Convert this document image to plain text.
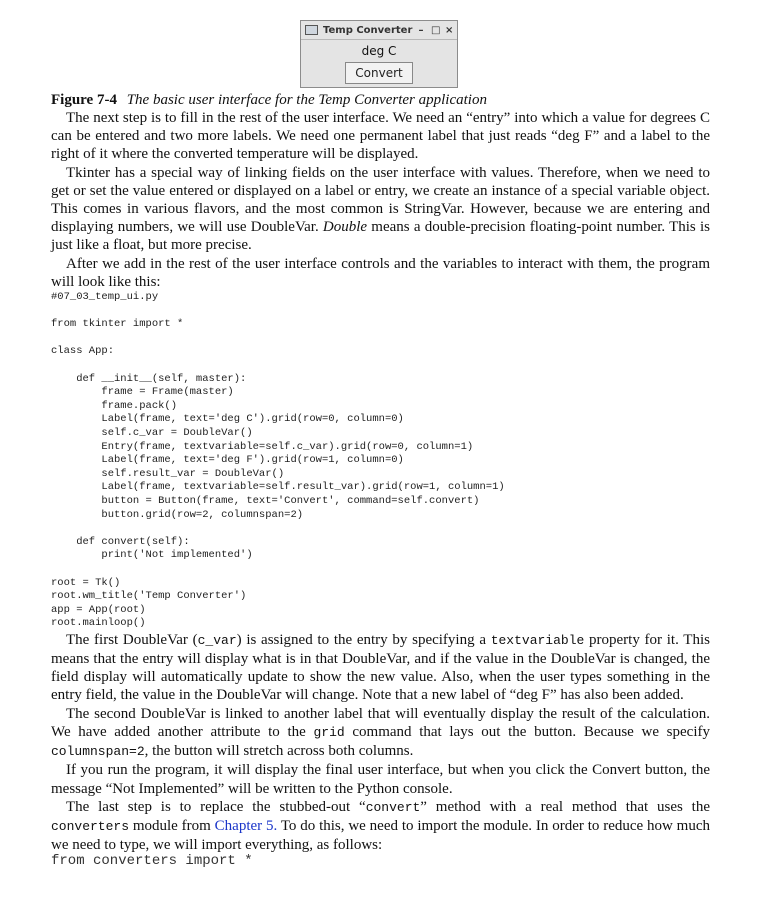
Temp Converter – □ ×
deg C
Convert

Figure 7-4 The basic user interface for the Temp Converter application

The next step is to fill in the rest of the user interface. We need an “entry” into which a value for degrees C can be entered and two more labels. We need one permanent label that just reads “deg F” and a label to the right of it where the converted temperature will be displayed.

Tkinter has a special way of linking fields on the user interface with values. Therefore, when we need to get or set the value entered or displayed on a label or entry, we create an instance of a special variable object. This comes in various flavors, and the most common is StringVar. However, because we are entering and displaying numbers, we will use DoubleVar. Double means a double-precision floating-point number. This is just like a float, but more precise.

After we add in the rest of the user interface controls and the variables to interact with them, the program will look like this:

#07_03_temp_ui.py

from tkinter import *

class App:

def __init__(self, master):
frame = Frame(master)
frame.pack()
Label(frame, text='deg C').grid(row=0, column=0)
self.c_var = DoubleVar()
Entry(frame, textvariable=self.c_var).grid(row=0, column=1)
Label(frame, text='deg F').grid(row=1, column=0)
self.result_var = DoubleVar()
Label(frame, textvariable=self.result_var).grid(row=1, column=1)
button = Button(frame, text='Convert', command=self.convert)
button.grid(row=2, columnspan=2)

def convert(self):
print('Not implemented')

root = Tk()
root.wm_title('Temp Converter')
app = App(root)
root.mainloop()

The first DoubleVar (c_var) is assigned to the entry by specifying a textvariable property for it. This means that the entry will display what is in that DoubleVar, and if the value in the DoubleVar is changed, the field display will automatically update to show the new value. Also, when the user types something in the entry field, the value in the DoubleVar will change. Note that a new label of “deg F” has also been added.

The second DoubleVar is linked to another label that will eventually display the result of the calculation. We have added another attribute to the grid command that lays out the button. Because we specify columnspan=2, the button will stretch across both columns.

If you run the program, it will display the final user interface, but when you click the Convert button, the message “Not Implemented” will be written to the Python console.

The last step is to replace the stubbed-out “convert” method with a real method that uses the converters module from Chapter 5. To do this, we need to import the module. In order to reduce how much we need to type, we will import everything, as follows:

from converters import *
